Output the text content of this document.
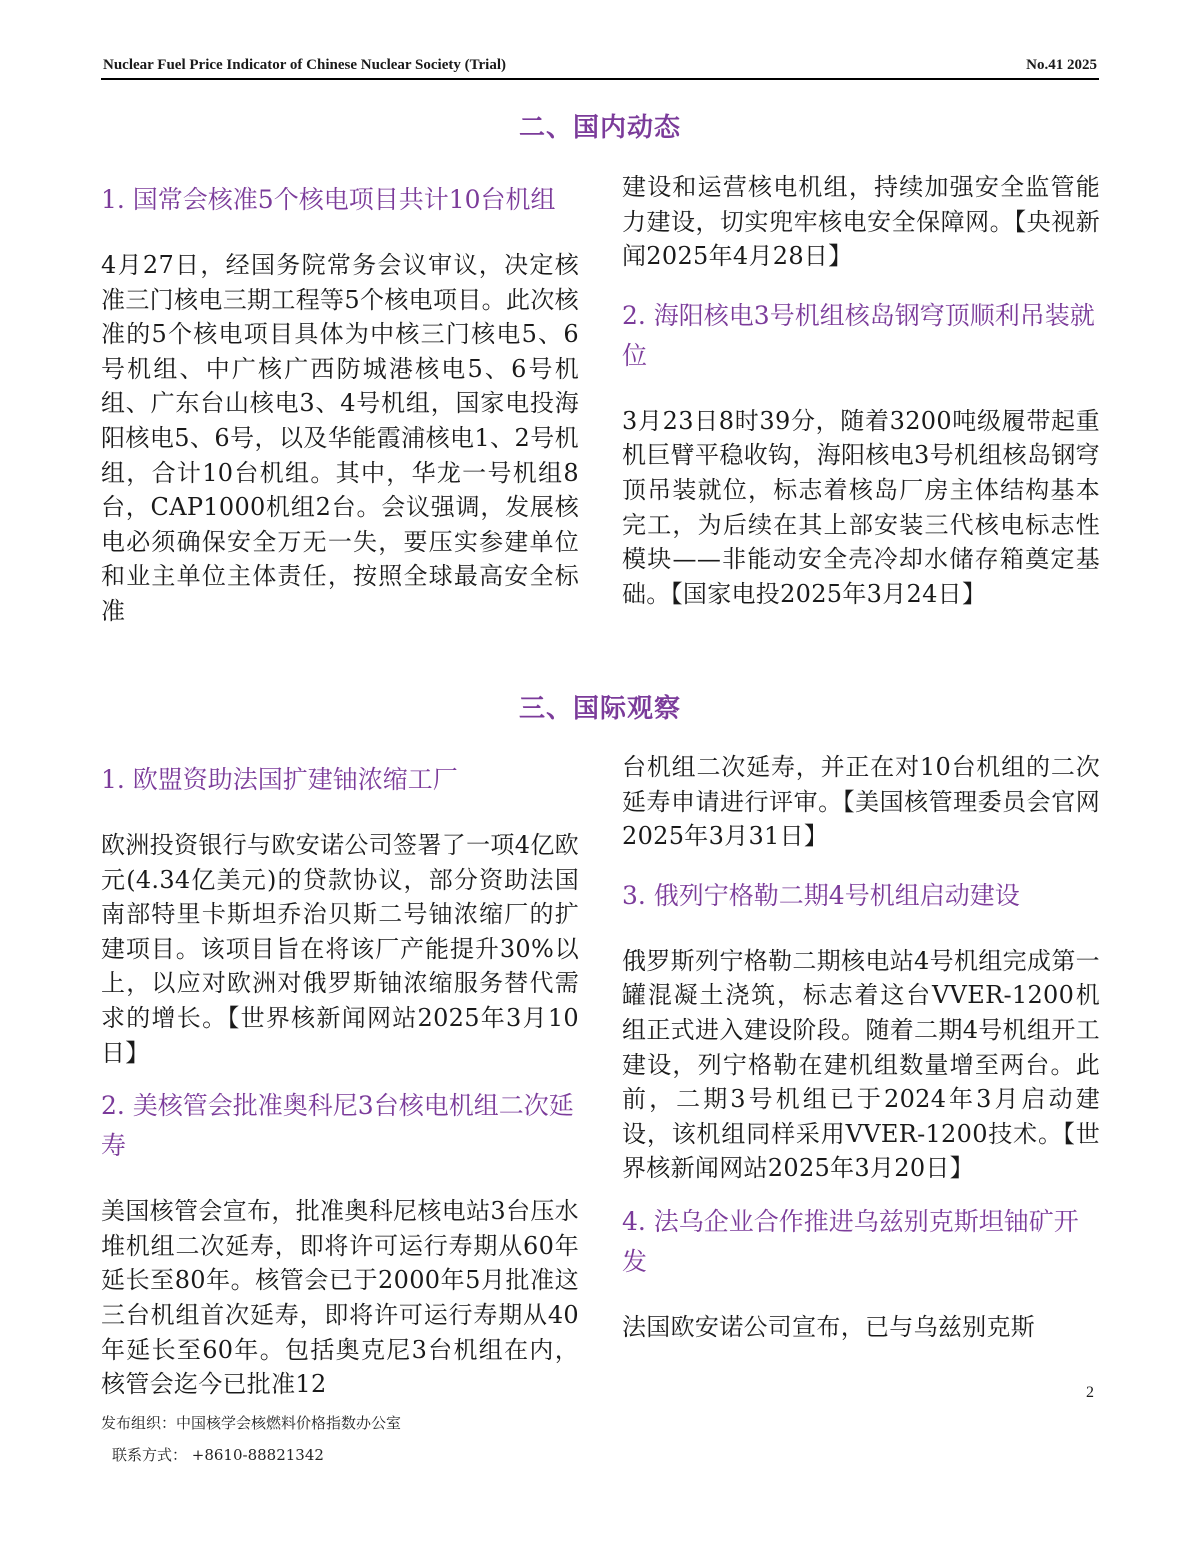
Nuclear Fuel Price Indicator of Chinese Nuclear Society (Trial)	No.41 2025
二、国内动态

1. 国常会核准5个核电项目共计10台机组

4月27日，经国务院常务会议审议，决定核准三门核电三期工程等5个核电项目。此次核准的5个核电项目具体为中核三门核电5、6号机组、中广核广西防城港核电5、6号机组、广东台山核电3、4号机组，国家电投海阳核电5、6号，以及华能霞浦核电1、2号机组，合计10台机组。其中，华龙一号机组8台，CAP1000机组2台。会议强调，发展核电必须确保安全万无一失，要压实参建单位和业主单位主体责任，按照全球最高安全标准

建设和运营核电机组，持续加强安全监管能力建设，切实兜牢核电安全保障网。【央视新闻2025年4月28日】

2. 海阳核电3号机组核岛钢穹顶顺利吊装就位

3月23日8时39分，随着3200吨级履带起重机巨臂平稳收钩，海阳核电3号机组核岛钢穹顶吊装就位，标志着核岛厂房主体结构基本完工，为后续在其上部安装三代核电标志性模块——非能动安全壳冷却水储存箱奠定基础。【国家电投2025年3月24日】

三、国际观察

1. 欧盟资助法国扩建铀浓缩工厂

欧洲投资银行与欧安诺公司签署了一项4亿欧元(4.34亿美元)的贷款协议，部分资助法国南部特里卡斯坦乔治贝斯二号铀浓缩厂的扩建项目。该项目旨在将该厂产能提升30%以上，以应对欧洲对俄罗斯铀浓缩服务替代需求的增长。【世界核新闻网站2025年3月10日】

2. 美核管会批准奥科尼3台核电机组二次延寿

美国核管会宣布，批准奥科尼核电站3台压水堆机组二次延寿，即将许可运行寿期从60年延长至80年。核管会已于2000年5月批准这三台机组首次延寿，即将许可运行寿期从40年延长至60年。包括奥克尼3台机组在内，核管会迄今已批准12

台机组二次延寿，并正在对10台机组的二次延寿申请进行评审。【美国核管理委员会官网2025年3月31日】

3. 俄列宁格勒二期4号机组启动建设

俄罗斯列宁格勒二期核电站4号机组完成第一罐混凝土浇筑，标志着这台VVER-1200机组正式进入建设阶段。随着二期4号机组开工建设，列宁格勒在建机组数量增至两台。此前，二期3号机组已于2024年3月启动建设，该机组同样采用VVER-1200技术。【世界核新闻网站2025年3月20日】

4. 法乌企业合作推进乌兹别克斯坦铀矿开发

法国欧安诺公司宣布，已与乌兹别克斯

2
发布组织：中国核学会核燃料价格指数办公室
联系方式： +8610-88821342
